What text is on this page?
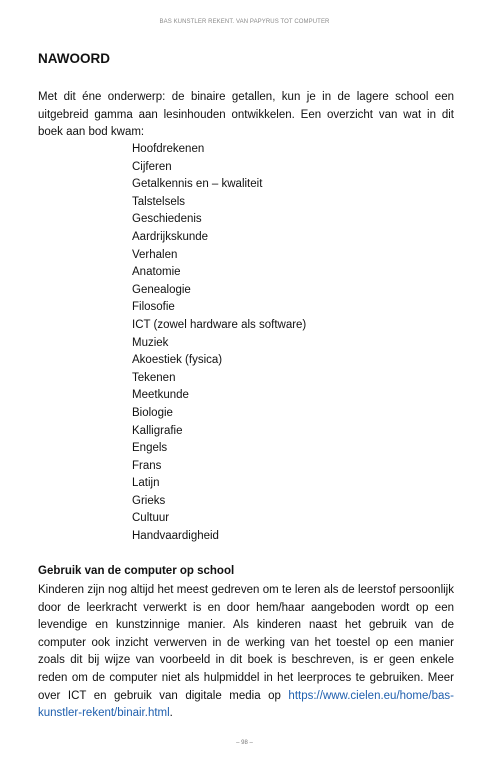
BAS KUNSTLER REKENT. VAN PAPYRUS TOT COMPUTER
NAWOORD
Met dit éne onderwerp: de binaire getallen, kun je in de lagere school een uitgebreid gamma aan lesinhouden ontwikkelen. Een overzicht van wat in dit boek aan bod kwam:
Hoofdrekenen
Cijferen
Getalkennis en – kwaliteit
Talstelsels
Geschiedenis
Aardrijkskunde
Verhalen
Anatomie
Genealogie
Filosofie
ICT (zowel hardware als software)
Muziek
Akoestiek (fysica)
Tekenen
Meetkunde
Biologie
Kalligrafie
Engels
Frans
Latijn
Grieks
Cultuur
Handvaardigheid
Gebruik van de computer op school
Kinderen zijn nog altijd het meest gedreven om te leren als de leerstof persoonlijk door de leerkracht verwerkt is en door hem/haar aangeboden wordt op een levendige en kunstzinnige manier. Als kinderen naast het gebruik van de computer ook inzicht verwerven in de werking van het toestel op een manier zoals dit bij wijze van voorbeeld in dit boek is beschreven, is er geen enkele reden om de computer niet als hulpmiddel in het leerproces te gebruiken. Meer over ICT en gebruik van digitale media op https://www.cielen.eu/home/bas-kunstler-rekent/binair.html.
– 98 –
